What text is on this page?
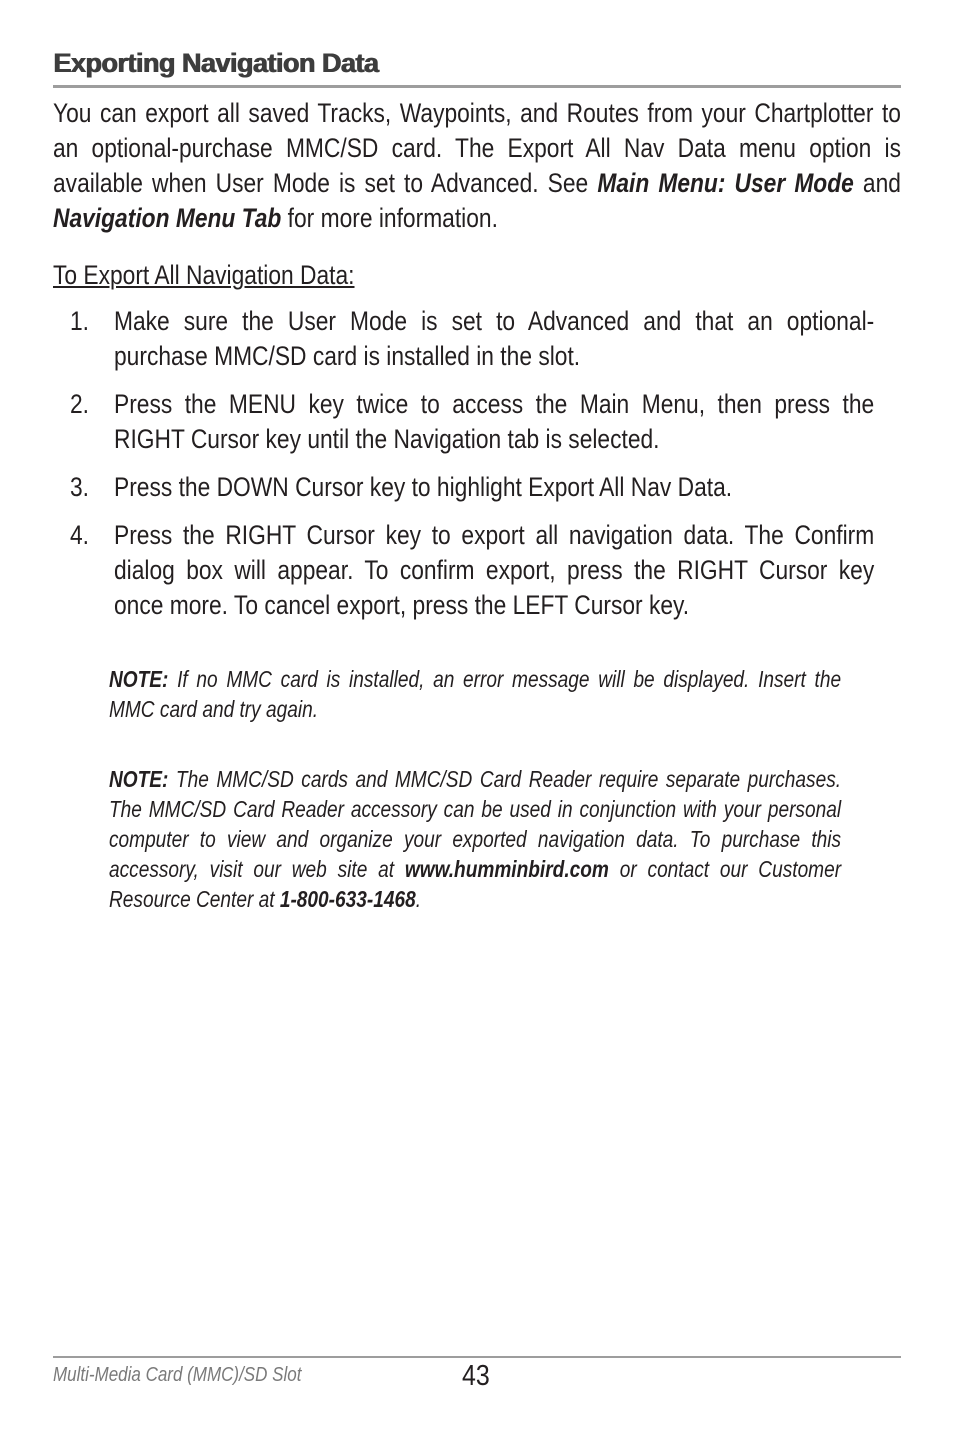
Exporting Navigation Data
You can export all saved Tracks, Waypoints, and Routes from your Chartplotter to an optional-purchase MMC/SD card. The Export All Nav Data menu option is available when User Mode is set to Advanced. See Main Menu: User Mode and Navigation Menu Tab for more information.
To Export All Navigation Data:
1. Make sure the User Mode is set to Advanced and that an optional-purchase MMC/SD card is installed in the slot.
2. Press the MENU key twice to access the Main Menu, then press the RIGHT Cursor key until the Navigation tab is selected.
3. Press the DOWN Cursor key to highlight Export All Nav Data.
4. Press the RIGHT Cursor key to export all navigation data. The Confirm dialog box will appear. To confirm export, press the RIGHT Cursor key once more. To cancel export, press the LEFT Cursor key.
NOTE: If no MMC card is installed, an error message will be displayed. Insert the MMC card and try again.
NOTE: The MMC/SD cards and MMC/SD Card Reader require separate purchases. The MMC/SD Card Reader accessory can be used in conjunction with your personal computer to view and organize your exported navigation data. To purchase this accessory, visit our web site at www.humminbird.com or contact our Customer Resource Center at 1-800-633-1468.
Multi-Media Card (MMC)/SD Slot	43
